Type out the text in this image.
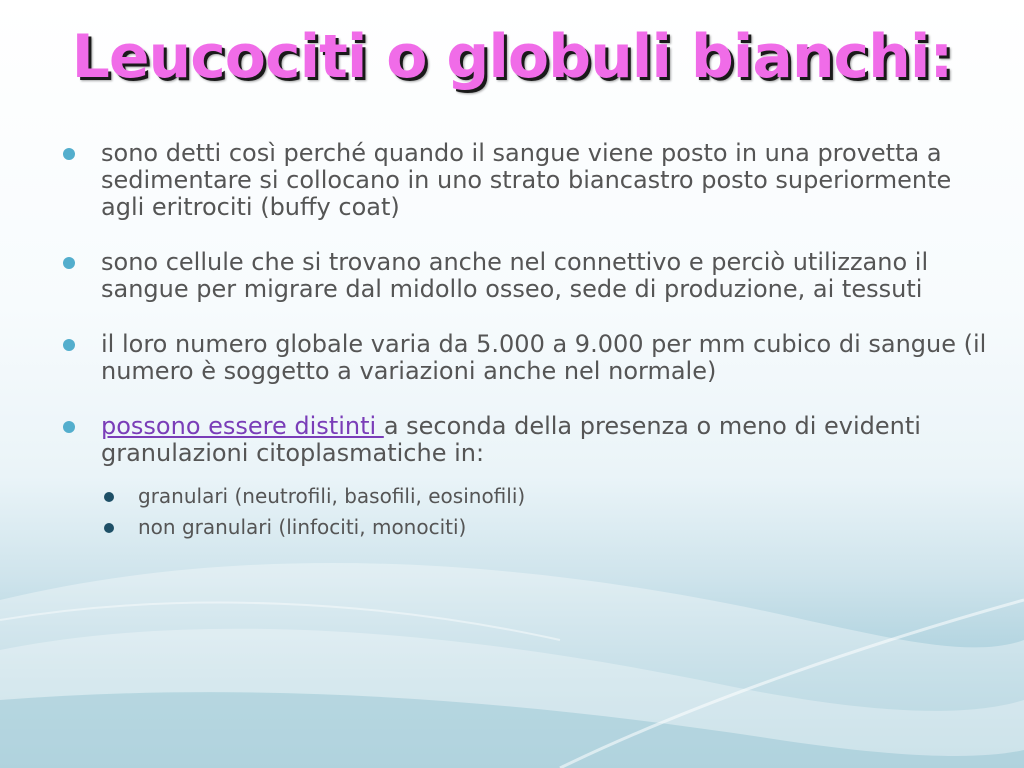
Leucociti o globuli bianchi:
sono detti così perché quando il sangue viene posto in una provetta a sedimentare si collocano in uno strato biancastro posto superiormente agli eritrociti (buffy coat)
sono cellule che si trovano anche nel connettivo e perciò utilizzano il sangue per migrare dal midollo osseo, sede di produzione, ai tessuti
il loro numero globale varia da 5.000 a 9.000 per mm cubico di sangue (il numero è soggetto a variazioni anche nel normale)
possono essere distinti a seconda della presenza o meno di evidenti granulazioni citoplasmatiche in:
granulari (neutrofili, basofili, eosinofili)
non granulari (linfociti, monociti)
